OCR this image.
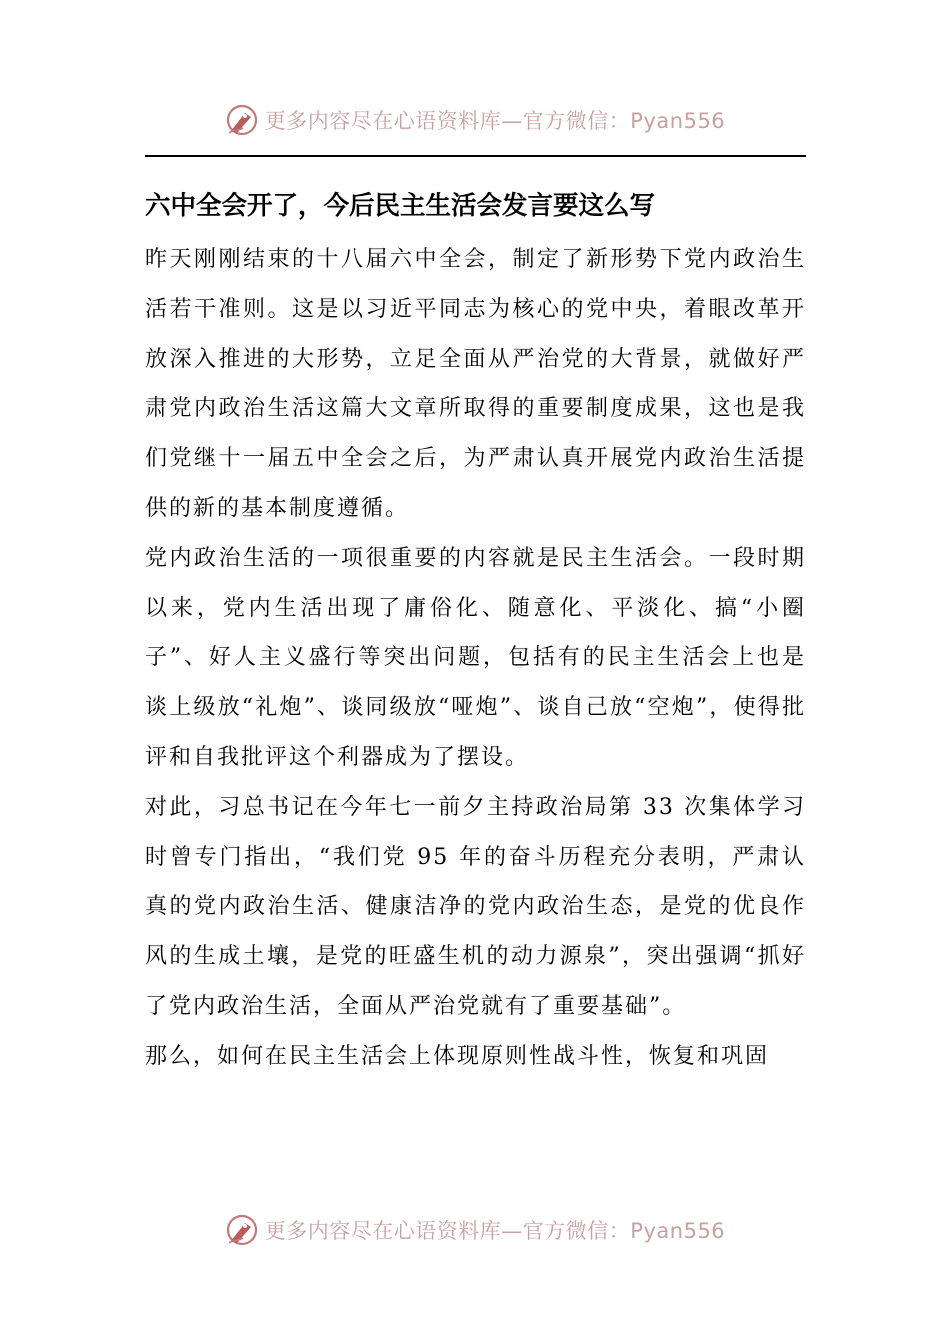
更多内容尽在心语资料库—官方微信：Pyan556
六中全会开了，今后民主生活会发言要这么写

昨天刚刚结束的十八届六中全会，制定了新形势下党内政治生活若干准则。这是以习近平同志为核心的党中央，着眼改革开放深入推进的大形势，立足全面从严治党的大背景，就做好严肃党内政治生活这篇大文章所取得的重要制度成果，这也是我们党继十一届五中全会之后，为严肃认真开展党内政治生活提供的新的基本制度遵循。

党内政治生活的一项很重要的内容就是民主生活会。一段时期以来，党内生活出现了庸俗化、随意化、平淡化、搞“小圈子”、好人主义盛行等突出问题，包括有的民主生活会上也是谈上级放“礼炮”、谈同级放“哑炮”、谈自己放“空炮”，使得批评和自我批评这个利器成为了摆设。

对此，习总书记在今年七一前夕主持政治局第 33 次集体学习时曾专门指出，“我们党 95 年的奋斗历程充分表明，严肃认真的党内政治生活、健康洁净的党内政治生态，是党的优良作风的生成土壤，是党的旺盛生机的动力源泉”，突出强调“抓好了党内政治生活，全面从严治党就有了重要基础”。

那么，如何在民主生活会上体现原则性战斗性，恢复和巩固

更多内容尽在心语资料库—官方微信：Pyan556
